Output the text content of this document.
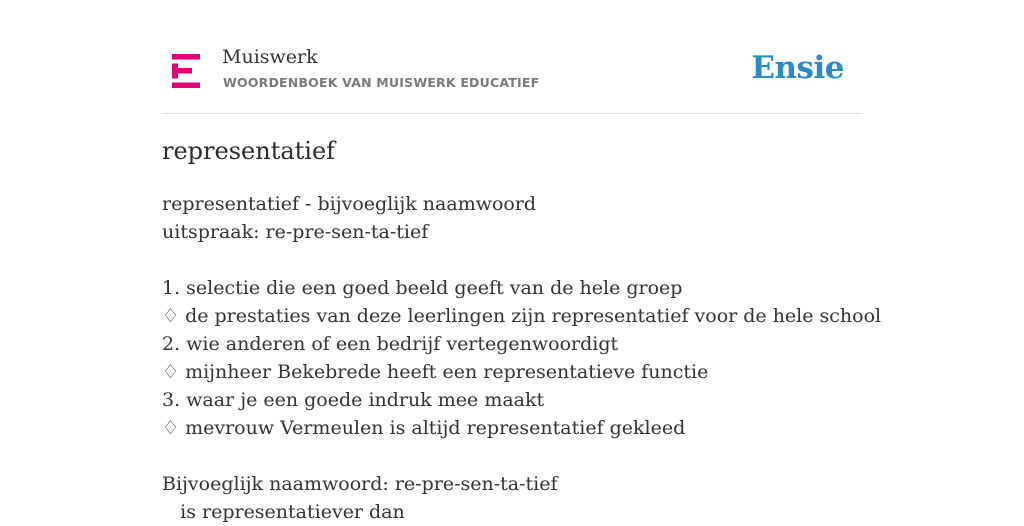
Muiswerk
WOORDENBOEK VAN MUISWERK EDUCATIEF	Ensie
representatief
representatief - bijvoeglijk naamwoord
uitspraak: re-pre-sen-ta-tief
1. selectie die een goed beeld geeft van de hele groep
♢ de prestaties van deze leerlingen zijn representatief voor de hele school
2. wie anderen of een bedrijf vertegenwoordigt
♢ mijnheer Bekebrede heeft een representatieve functie
3. waar je een goede indruk mee maakt
♢ mevrouw Vermeulen is altijd representatief gekleed
Bijvoeglijk naamwoord: re-pre-sen-ta-tief
is representatiever dan
